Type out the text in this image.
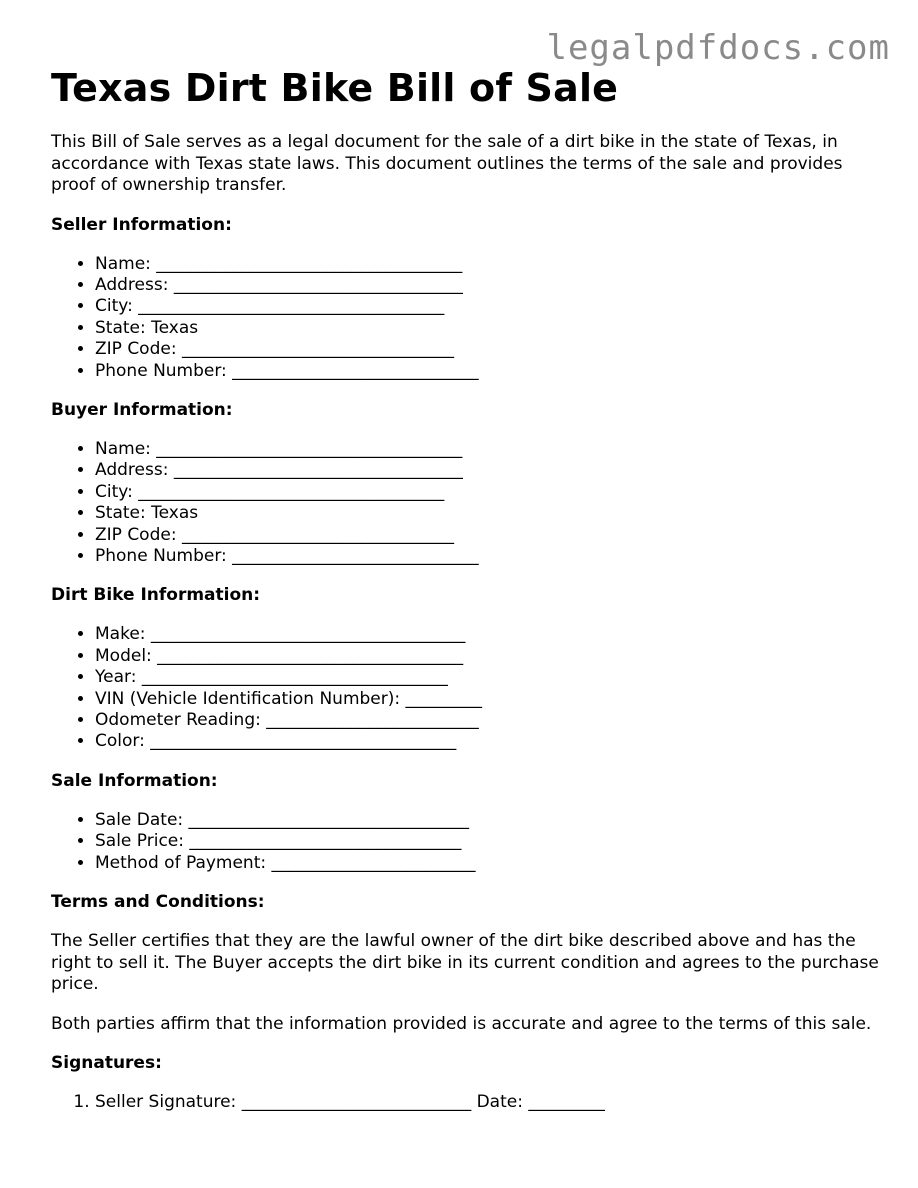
legalpdfdocs.com
Texas Dirt Bike Bill of Sale

This Bill of Sale serves as a legal document for the sale of a dirt bike in the state of Texas, in accordance with Texas state laws. This document outlines the terms of the sale and provides proof of ownership transfer.

Seller Information:
• Name: ____________________________________
• Address: __________________________________
• City: ____________________________________
• State: Texas
• ZIP Code: ________________________________
• Phone Number: _____________________________
Buyer Information:
• Name: ____________________________________
• Address: __________________________________
• City: ____________________________________
• State: Texas
• ZIP Code: ________________________________
• Phone Number: _____________________________
Dirt Bike Information:
• Make: _____________________________________
• Model: ____________________________________
• Year: ____________________________________
• VIN (Vehicle Identification Number): _________
• Odometer Reading: _________________________
• Color: ____________________________________
Sale Information:
• Sale Date: _________________________________
• Sale Price: ________________________________
• Method of Payment: ________________________
Terms and Conditions:

The Seller certifies that they are the lawful owner of the dirt bike described above and has the right to sell it. The Buyer accepts the dirt bike in its current condition and agrees to the purchase price.

Both parties affirm that the information provided is accurate and agree to the terms of this sale.

Signatures:
1. Seller Signature: ___________________________ Date: _________
